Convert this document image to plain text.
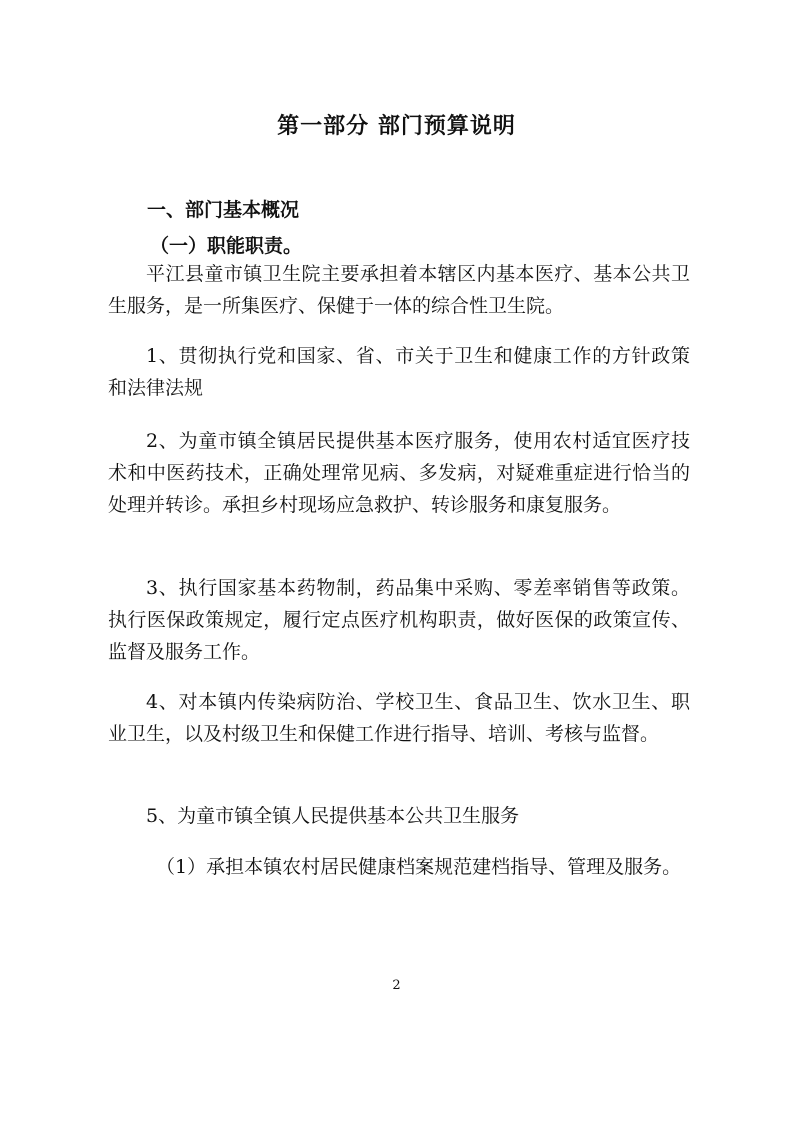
第一部分 部门预算说明
一、部门基本概况
（一）职能职责。
平江县童市镇卫生院主要承担着本辖区内基本医疗、基本公共卫生服务，是一所集医疗、保健于一体的综合性卫生院。
1、贯彻执行党和国家、省、市关于卫生和健康工作的方针政策和法律法规
2、为童市镇全镇居民提供基本医疗服务，使用农村适宜医疗技术和中医药技术，正确处理常见病、多发病，对疑难重症进行恰当的处理并转诊。承担乡村现场应急救护、转诊服务和康复服务。
3、执行国家基本药物制，药品集中采购、零差率销售等政策。执行医保政策规定，履行定点医疗机构职责，做好医保的政策宣传、监督及服务工作。
4、对本镇内传染病防治、学校卫生、食品卫生、饮水卫生、职业卫生，以及村级卫生和保健工作进行指导、培训、考核与监督。
5、为童市镇全镇人民提供基本公共卫生服务
（1）承担本镇农村居民健康档案规范建档指导、管理及服务。
2
